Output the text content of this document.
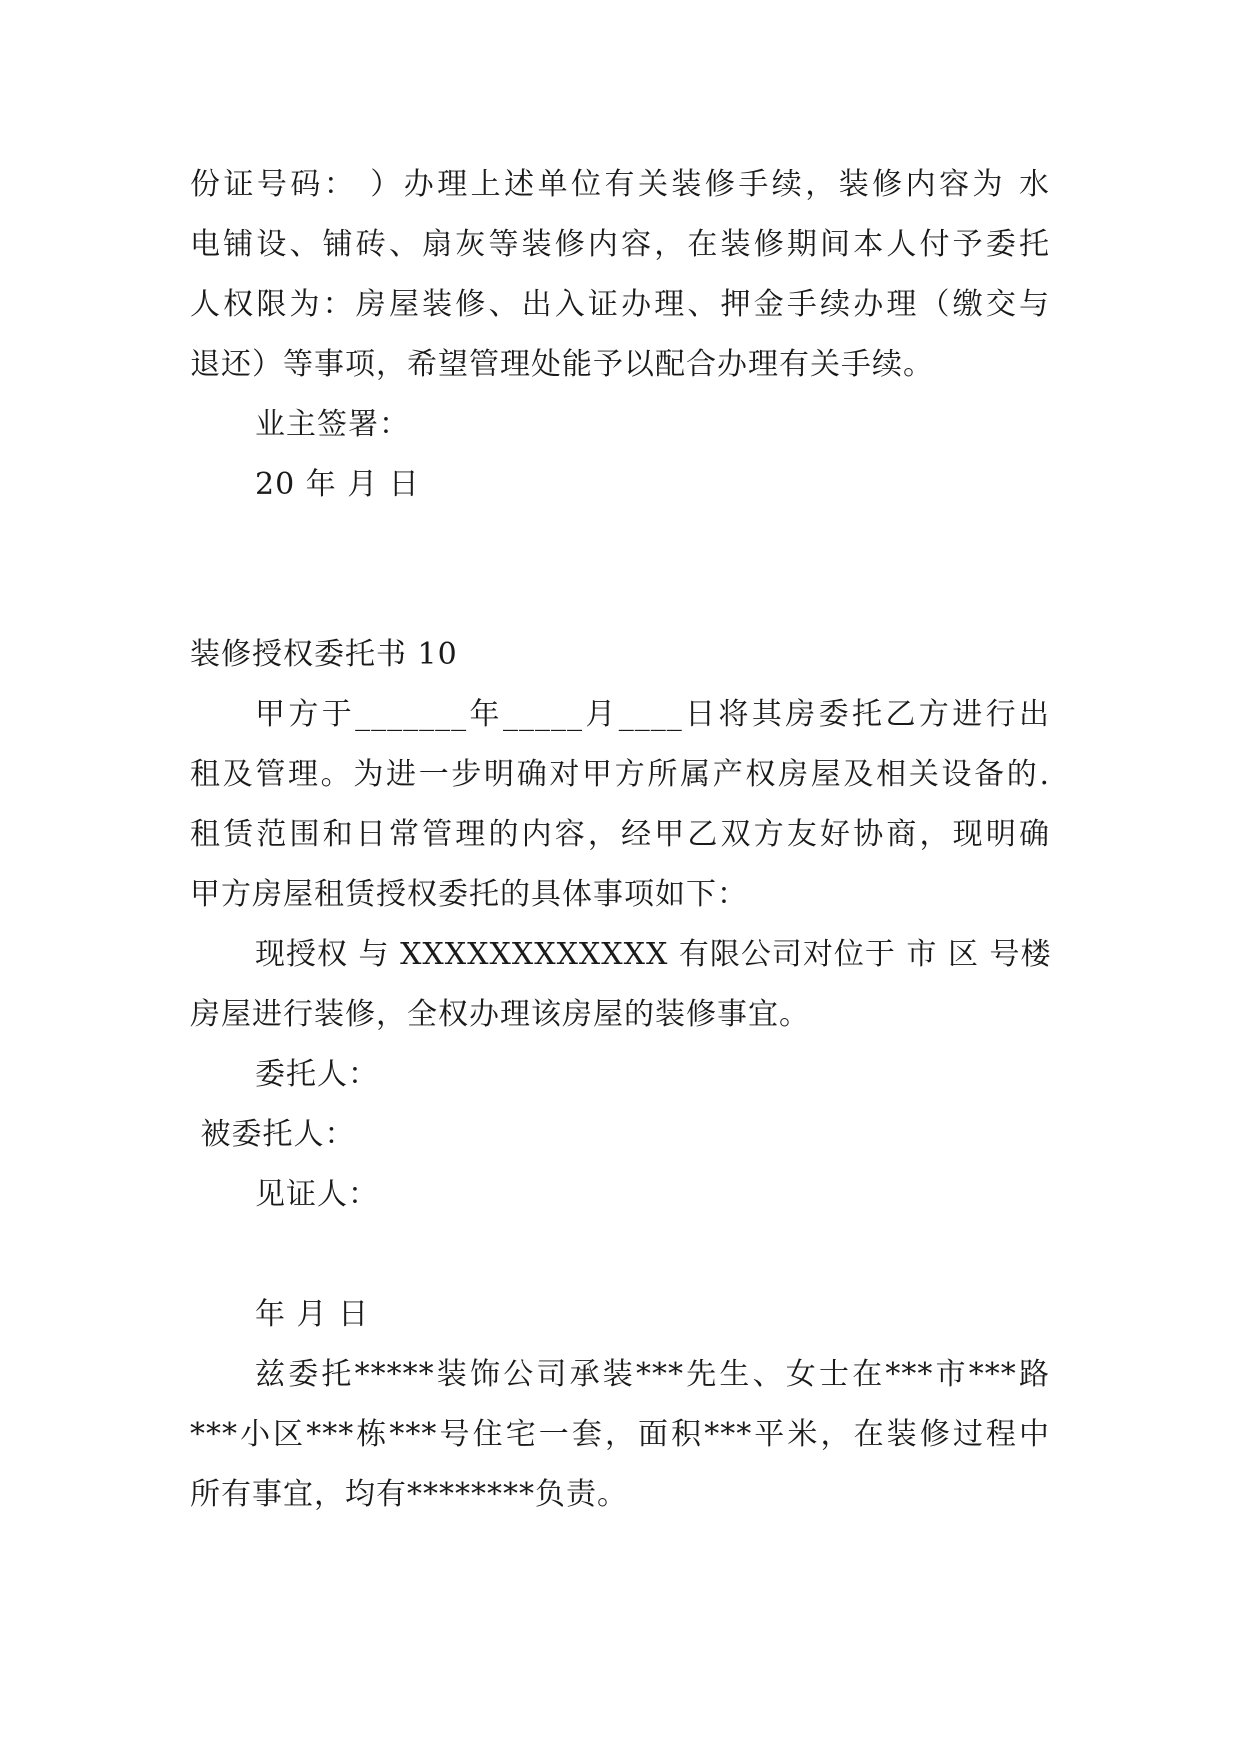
份证号码： ）办理上述单位有关装修手续，装修内容为 水
电铺设、铺砖、扇灰等装修内容，在装修期间本人付予委托
人权限为：房屋装修、出入证办理、押金手续办理（缴交与
退还）等事项，希望管理处能予以配合办理有关手续。
业主签署：
20 年 月 日
装修授权委托书 10
甲方于_______年_____月____日将其房委托乙方进行出
租及管理。为进一步明确对甲方所属产权房屋及相关设备的.
租赁范围和日常管理的内容，经甲乙双方友好协商，现明确
甲方房屋租赁授权委托的具体事项如下：
现授权 与 XXXXXXXXXXXX 有限公司对位于 市 区 号楼
房屋进行装修，全权办理该房屋的装修事宜。
委托人：
被委托人：
见证人：
年 月 日
兹委托*****装饰公司承装***先生、女士在***市***路
***小区***栋***号住宅一套，面积***平米，在装修过程中
所有事宜，均有********负责。
